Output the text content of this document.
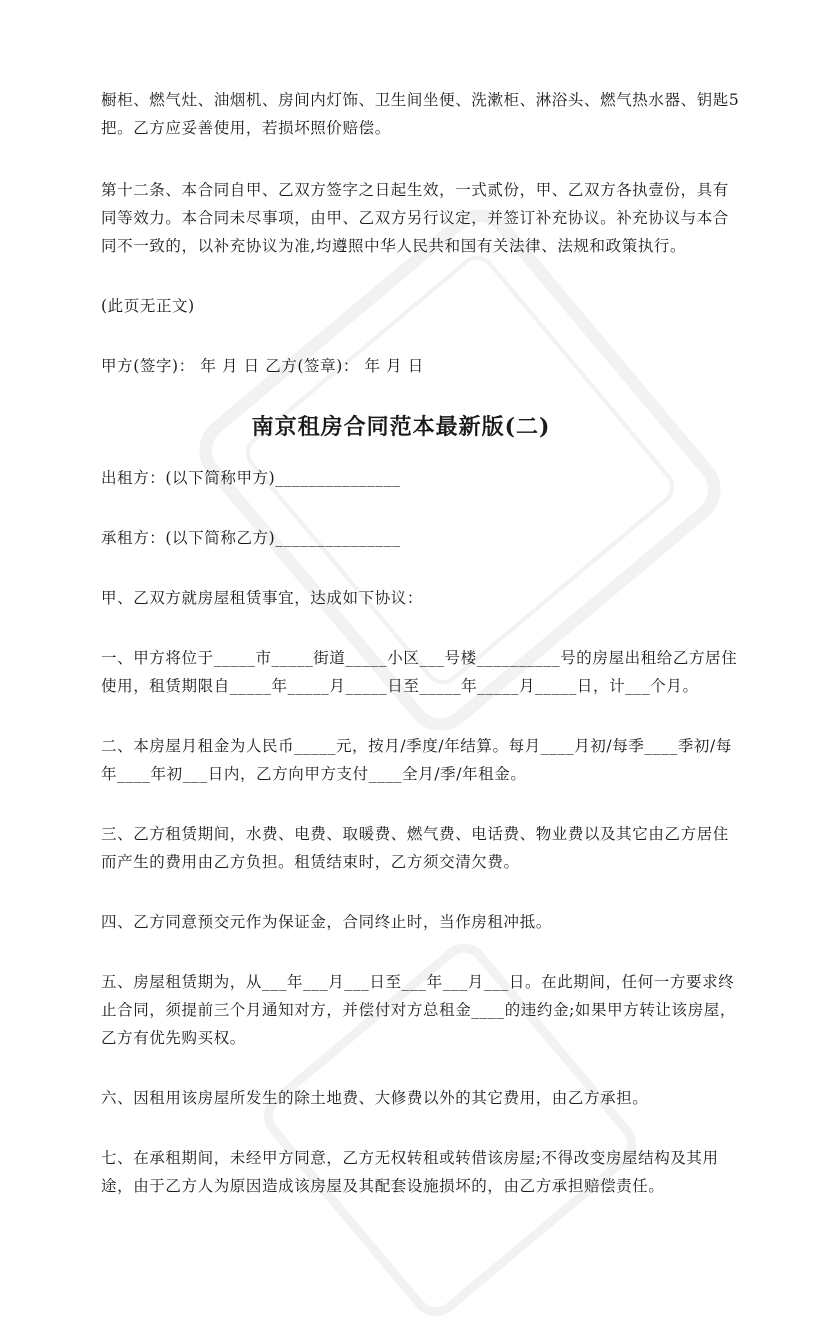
橱柜、燃气灶、油烟机、房间内灯饰、卫生间坐便、洗漱柜、淋浴头、燃气热水器、钥匙5把。乙方应妥善使用，若损坏照价赔偿。

第十二条、本合同自甲、乙双方签字之日起生效，一式贰份，甲、乙双方各执壹份，具有同等效力。本合同未尽事项，由甲、乙双方另行议定，并签订补充协议。补充协议与本合同不一致的，以补充协议为准,均遵照中华人民共和国有关法律、法规和政策执行。

(此页无正文)

甲方(签字)： 年 月 日 乙方(签章)： 年 月 日

南京租房合同范本最新版(二)

出租方：(以下简称甲方)_______________

承租方：(以下简称乙方)_______________

甲、乙双方就房屋租赁事宜，达成如下协议：

一、甲方将位于_____市_____街道_____小区___号楼__________号的房屋出租给乙方居住使用，租赁期限自_____年_____月_____日至_____年_____月_____日，计___个月。

二、本房屋月租金为人民币_____元，按月/季度/年结算。每月____月初/每季____季初/每年____年初___日内，乙方向甲方支付____全月/季/年租金。

三、乙方租赁期间，水费、电费、取暖费、燃气费、电话费、物业费以及其它由乙方居住而产生的费用由乙方负担。租赁结束时，乙方须交清欠费。

四、乙方同意预交元作为保证金，合同终止时，当作房租冲抵。

五、房屋租赁期为，从___年___月___日至___年___月___日。在此期间，任何一方要求终止合同，须提前三个月通知对方，并偿付对方总租金____的违约金;如果甲方转让该房屋，乙方有优先购买权。

六、因租用该房屋所发生的除土地费、大修费以外的其它费用，由乙方承担。

七、在承租期间，未经甲方同意，乙方无权转租或转借该房屋;不得改变房屋结构及其用途，由于乙方人为原因造成该房屋及其配套设施损坏的，由乙方承担赔偿责任。
